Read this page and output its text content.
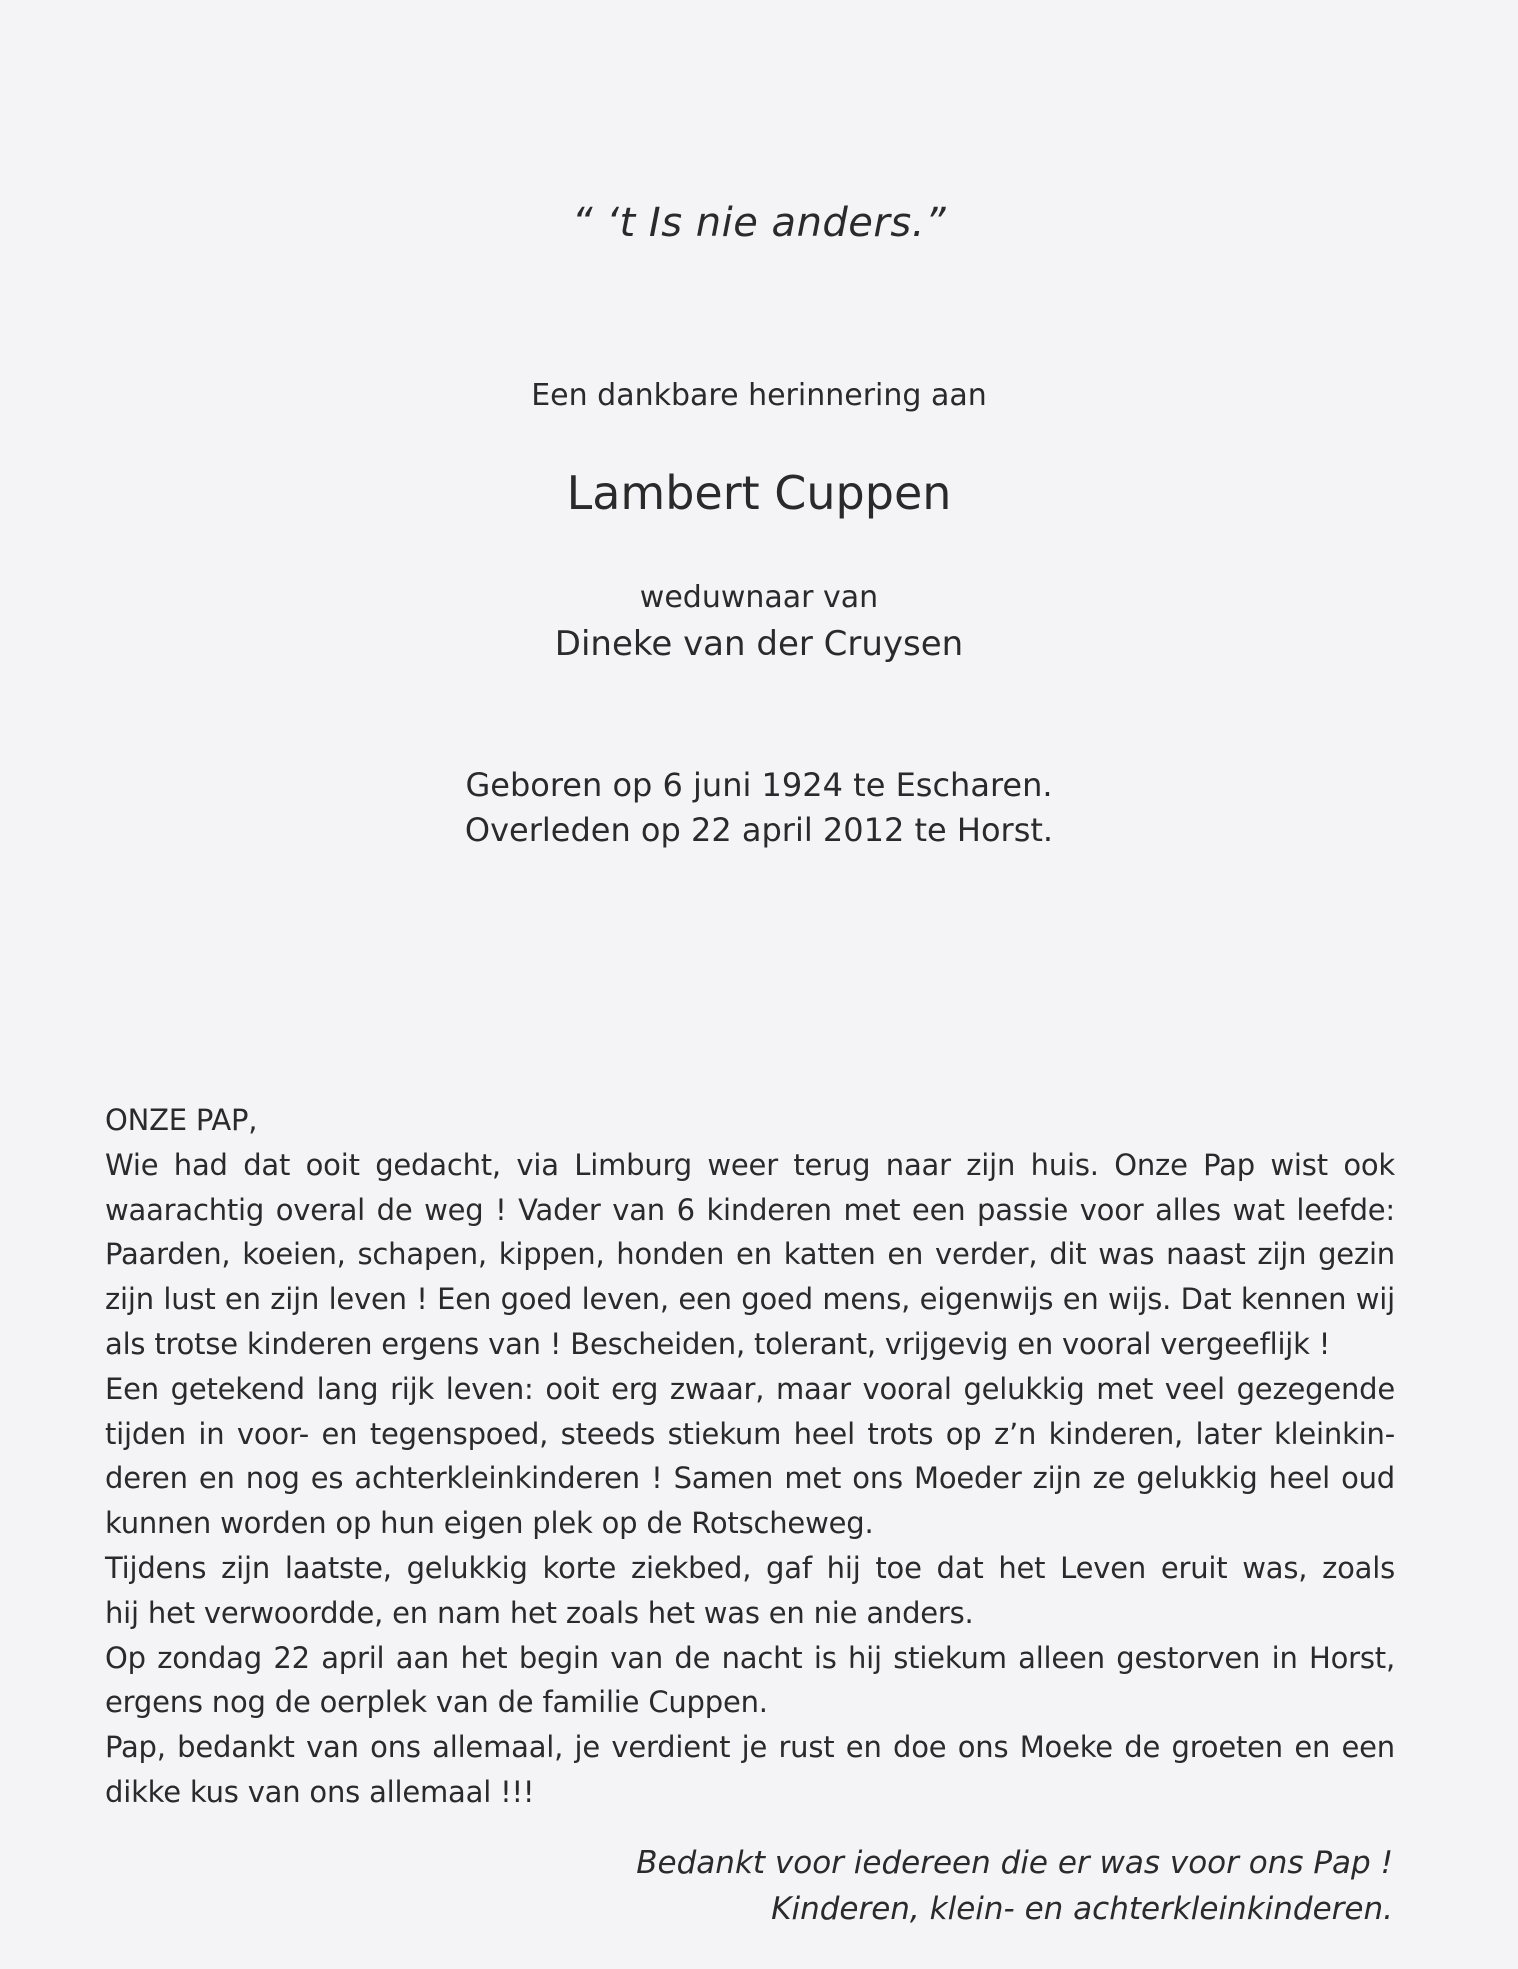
“ ‘t Is nie anders.”
Een dankbare herinnering aan
Lambert Cuppen
weduwnaar van
Dineke van der Cruysen
Geboren op 6 juni 1924 te Escharen.
Overleden op 22 april 2012 te Horst.
ONZE PAP,
Wie had dat ooit gedacht, via Limburg weer terug naar zijn huis. Onze Pap wist ook
waarachtig overal de weg ! Vader van 6 kinderen met een passie voor alles wat leefde:
Paarden, koeien, schapen, kippen, honden en katten en verder, dit was naast zijn gezin
zijn lust en zijn leven ! Een goed leven, een goed mens, eigenwijs en wijs. Dat kennen wij
als trotse kinderen ergens van ! Bescheiden, tolerant, vrijgevig en vooral vergeeflijk !
Een getekend lang rijk leven: ooit erg zwaar, maar vooral gelukkig met veel gezegende
tijden in voor- en tegenspoed, steeds stiekum heel trots op z’n kinderen, later kleinkin-
deren en nog es achterkleinkinderen ! Samen met ons Moeder zijn ze gelukkig heel oud
kunnen worden op hun eigen plek op de Rotscheweg.
Tijdens zijn laatste, gelukkig korte ziekbed, gaf hij toe dat het Leven eruit was, zoals
hij het verwoordde, en nam het zoals het was en nie anders.
Op zondag 22 april aan het begin van de nacht is hij stiekum alleen gestorven in Horst,
ergens nog de oerplek van de familie Cuppen.
Pap, bedankt van ons allemaal, je verdient je rust en doe ons Moeke de groeten en een
dikke kus van ons allemaal !!!
Bedankt voor iedereen die er was voor ons Pap !
Kinderen, klein- en achterkleinkinderen.
